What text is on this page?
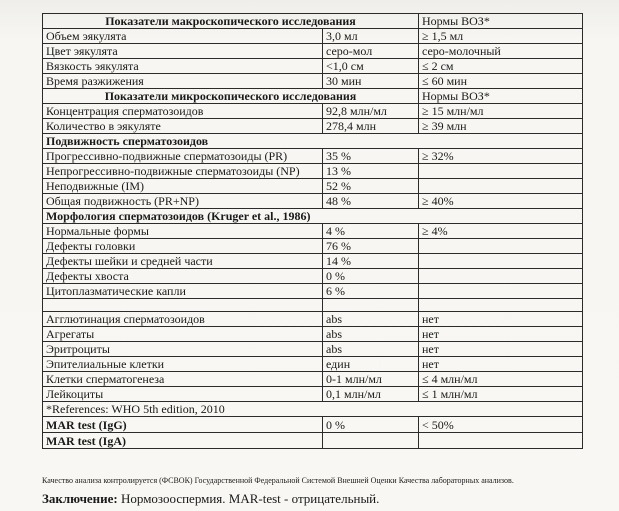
Показатели макроскопического исследования		Нормы ВОЗ*
Объем эякулята	3,0 мл	≥ 1,5 мл
Цвет эякулята	серо-мол	серо-молочный
Вязкость эякулята	<1,0 см	≤ 2 см
Время разжижения	30 мин	≤ 60 мин
Показатели микроскопического исследования		Нормы ВОЗ*
Концентрация сперматозоидов	92,8 млн/мл	≥ 15 млн/мл
Количество в эякуляте	278,4 млн	≥ 39 млн
Подвижность сперматозоидов		
Прогрессивно-подвижные сперматозоиды (PR)	35 %	≥ 32%
Непрогрессивно-подвижные сперматозоиды (NP)	13 %	
Неподвижные (IM)	52 %	
Общая подвижность (PR+NP)	48 %	≥ 40%
Морфология сперматозоидов (Kruger et al., 1986)		
Нормальные формы	4 %	≥ 4%
Дефекты головки	76 %	
Дефекты шейки и средней части	14 %	
Дефекты хвоста	0 %	
Цитоплазматические капли	6 %	

Агглютинация сперматозоидов	abs	нет
Агрегаты	abs	нет
Эритроциты	abs	нет
Эпителиальные клетки	един	нет
Клетки сперматогенеза	0-1 млн/мл	≤ 4 млн/мл
Лейкоциты	0,1 млн/мл	≤ 1 млн/мл
*References: WHO 5th edition, 2010		
MAR test (IgG)	0 %	< 50%
MAR test (IgA)		
Качество анализа контролируется (ФСВОК) Государственной Федеральной Системой Внешней Оценки Качества лабораторных анализов.
Заключение: Нормозооспермия. MAR-test - отрицательный.
